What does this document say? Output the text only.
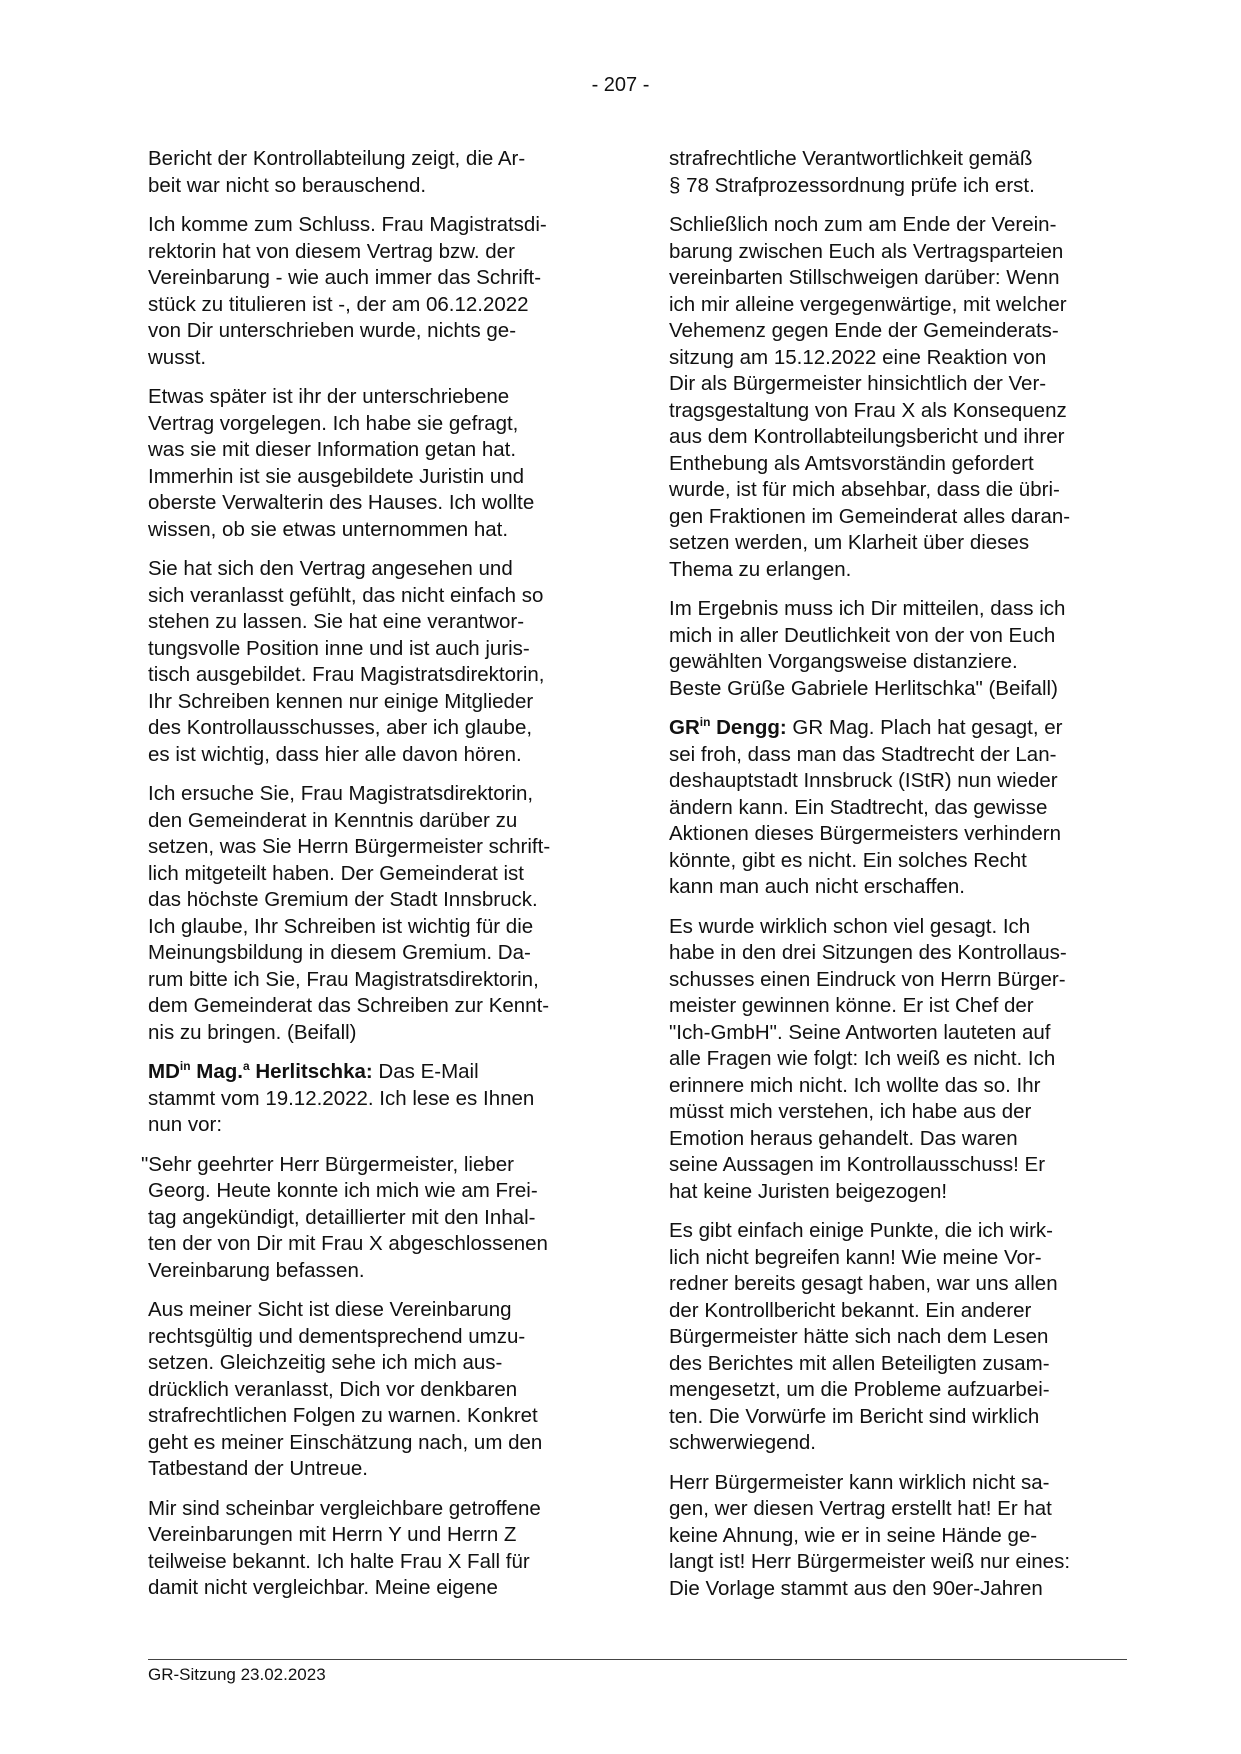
- 207 -

Bericht der Kontrollabteilung zeigt, die Ar-
beit war nicht so berauschend.

Ich komme zum Schluss. Frau Magistratsdi-
rektorin hat von diesem Vertrag bzw. der
Vereinbarung - wie auch immer das Schrift-
stück zu titulieren ist -, der am 06.12.2022
von Dir unterschrieben wurde, nichts ge-
wusst.

Etwas später ist ihr der unterschriebene
Vertrag vorgelegen. Ich habe sie gefragt,
was sie mit dieser Information getan hat.
Immerhin ist sie ausgebildete Juristin und
oberste Verwalterin des Hauses. Ich wollte
wissen, ob sie etwas unternommen hat.

Sie hat sich den Vertrag angesehen und
sich veranlasst gefühlt, das nicht einfach so
stehen zu lassen. Sie hat eine verantwor-
tungsvolle Position inne und ist auch juris-
tisch ausgebildet. Frau Magistratsdirektorin,
Ihr Schreiben kennen nur einige Mitglieder
des Kontrollausschusses, aber ich glaube,
es ist wichtig, dass hier alle davon hören.

Ich ersuche Sie, Frau Magistratsdirektorin,
den Gemeinderat in Kenntnis darüber zu
setzen, was Sie Herrn Bürgermeister schrift-
lich mitgeteilt haben. Der Gemeinderat ist
das höchste Gremium der Stadt Innsbruck.
Ich glaube, Ihr Schreiben ist wichtig für die
Meinungsbildung in diesem Gremium. Da-
rum bitte ich Sie, Frau Magistratsdirektorin,
dem Gemeinderat das Schreiben zur Kennt-
nis zu bringen. (Beifall)

$MD^{in}$ Mag.$^a$ Herlitschka: Das E-Mail
stammt vom 19.12.2022. Ich lese es Ihnen
nun vor:

"Sehr geehrter Herr Bürgermeister, lieber
Georg. Heute konnte ich mich wie am Frei-
tag angekündigt, detaillierter mit den Inhal-
ten der von Dir mit Frau X abgeschlossenen
Vereinbarung befassen.

Aus meiner Sicht ist diese Vereinbarung
rechtsgültig und dementsprechend umzu-
setzen. Gleichzeitig sehe ich mich aus-
drücklich veranlasst, Dich vor denkbaren
strafrechtlichen Folgen zu warnen. Konkret
geht es meiner Einschätzung nach, um den
Tatbestand der Untreue.

Mir sind scheinbar vergleichbare getroffene
Vereinbarungen mit Herrn Y und Herrn Z
teilweise bekannt. Ich halte Frau X Fall für
damit nicht vergleichbar. Meine eigene

strafrechtliche Verantwortlichkeit gemäß
§ 78 Strafprozessordnung prüfe ich erst.

Schließlich noch zum am Ende der Verein-
barung zwischen Euch als Vertragsparteien
vereinbarten Stillschweigen darüber: Wenn
ich mir alleine vergegenwärtige, mit welcher
Vehemenz gegen Ende der Gemeinderats-
sitzung am 15.12.2022 eine Reaktion von
Dir als Bürgermeister hinsichtlich der Ver-
tragsgestaltung von Frau X als Konsequenz
aus dem Kontrollabteilungsbericht und ihrer
Enthebung als Amtsvorständin gefordert
wurde, ist für mich absehbar, dass die übri-
gen Fraktionen im Gemeinderat alles daran-
setzen werden, um Klarheit über dieses
Thema zu erlangen.

Im Ergebnis muss ich Dir mitteilen, dass ich
mich in aller Deutlichkeit von der von Euch
gewählten Vorgangsweise distanziere.
Beste Grüße Gabriele Herlitschka" (Beifall)

$GR^{in}$ Dengg: GR Mag. Plach hat gesagt, er
sei froh, dass man das Stadtrecht der Lan-
deshauptstadt Innsbruck (IStR) nun wieder
ändern kann. Ein Stadtrecht, das gewisse
Aktionen dieses Bürgermeisters verhindern
könnte, gibt es nicht. Ein solches Recht
kann man auch nicht erschaffen.

Es wurde wirklich schon viel gesagt. Ich
habe in den drei Sitzungen des Kontrollaus-
schusses einen Eindruck von Herrn Bürger-
meister gewinnen könne. Er ist Chef der
"Ich-GmbH". Seine Antworten lauteten auf
alle Fragen wie folgt: Ich weiß es nicht. Ich
erinnere mich nicht. Ich wollte das so. Ihr
müsst mich verstehen, ich habe aus der
Emotion heraus gehandelt. Das waren
seine Aussagen im Kontrollausschuss! Er
hat keine Juristen beigezogen!

Es gibt einfach einige Punkte, die ich wirk-
lich nicht begreifen kann! Wie meine Vor-
redner bereits gesagt haben, war uns allen
der Kontrollbericht bekannt. Ein anderer
Bürgermeister hätte sich nach dem Lesen
des Berichtes mit allen Beteiligten zusam-
mengesetzt, um die Probleme aufzuarbei-
ten. Die Vorwürfe im Bericht sind wirklich
schwerwiegend.

Herr Bürgermeister kann wirklich nicht sa-
gen, wer diesen Vertrag erstellt hat! Er hat
keine Ahnung, wie er in seine Hände ge-
langt ist! Herr Bürgermeister weiß nur eines:
Die Vorlage stammt aus den 90er-Jahren

GR-Sitzung 23.02.2023
